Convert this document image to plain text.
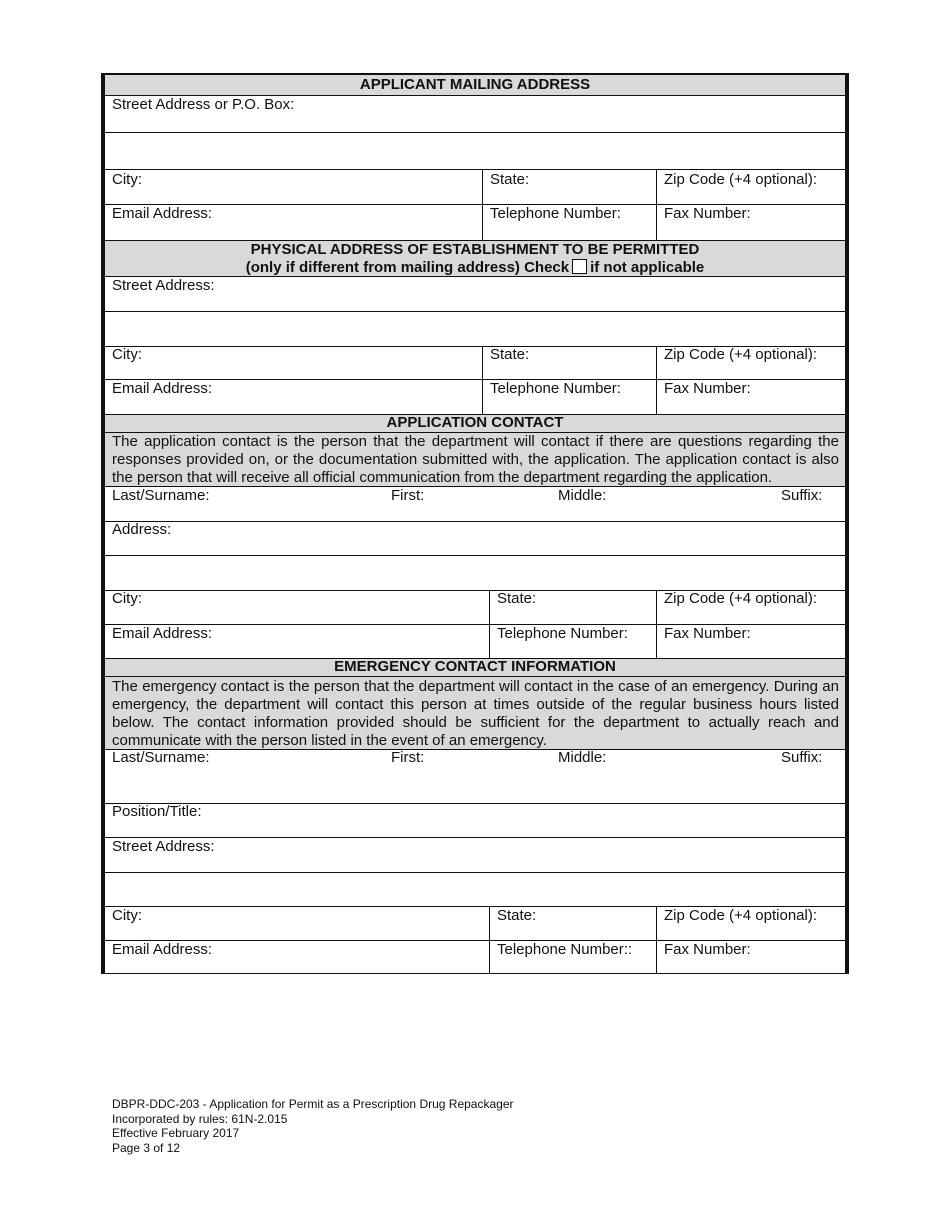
APPLICANT MAILING ADDRESS
Street Address or P.O. Box:
City:	State:	Zip Code (+4 optional):
Email Address:	Telephone Number:	Fax Number:
PHYSICAL ADDRESS OF ESTABLISHMENT TO BE PERMITTED
(only if different from mailing address) Check if not applicable
Street Address:
City:	State:	Zip Code (+4 optional):
Email Address:	Telephone Number:	Fax Number:
APPLICATION CONTACT
The application contact is the person that the department will contact if there are questions regarding the responses provided on, or the documentation submitted with, the application. The application contact is also the person that will receive all official communication from the department regarding the application.
Last/Surname:	First:	Middle:	Suffix:
Address:
City:	State:	Zip Code (+4 optional):
Email Address:	Telephone Number: Fax Number:
EMERGENCY CONTACT INFORMATION
The emergency contact is the person that the department will contact in the case of an emergency. During an emergency, the department will contact this person at times outside of the regular business hours listed below. The contact information provided should be sufficient for the department to actually reach and communicate with the person listed in the event of an emergency.
Last/Surname:	First:	Middle:	Suffix:
Position/Title:
Street Address:
City:	State:	Zip Code (+4 optional):
Email Address:	Telephone Number:: Fax Number:
DBPR-DDC-203 - Application for Permit as a Prescription Drug Repackager
Incorporated by rules: 61N-2.015
Effective February 2017
Page 3 of 12
